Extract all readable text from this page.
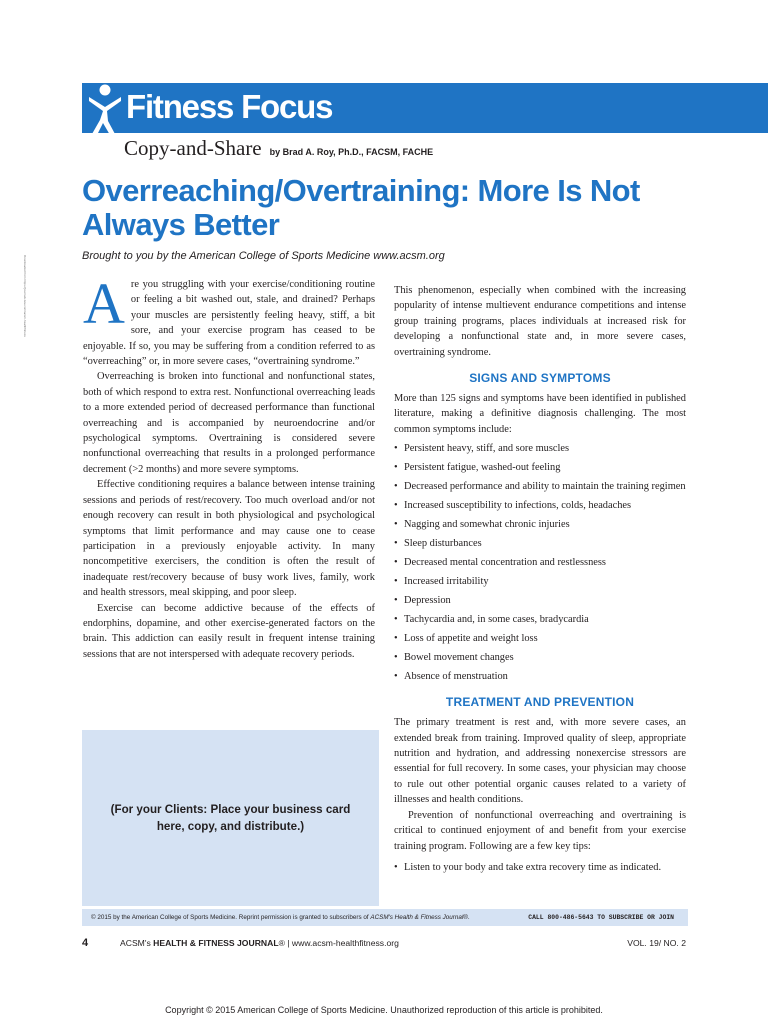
Fitness Focus
Copy-and-Share by Brad A. Roy, Ph.D., FACSM, FACHE
Overreaching/Overtraining: More Is Not Always Better
Brought to you by the American College of Sports Medicine www.acsm.org
Downloaded from https://journals.lww.com/acsm-healthfitness Are you struggling with your exercise/conditioning routine or feeling a bit washed out, stale, and drained? Perhaps your muscles are persistently feeling heavy, stiff, a bit sore, and your exercise program has ceased to be enjoyable. If so, you may be suffering from a condition referred to as “overreaching” or, in more severe cases, “overtraining syndrome.”

Overreaching is broken into functional and nonfunctional states, both of which respond to extra rest. Nonfunctional overreaching leads to a more extended period of decreased performance than functional overreaching and is accompanied by neuroendocrine and/or psychological symptoms. Overtraining is considered severe nonfunctional overreaching that results in a prolonged performance decrement (>2 months) and more severe symptoms.

Effective conditioning requires a balance between intense training sessions and periods of rest/recovery. Too much overload and/or not enough recovery can result in both physiological and psychological symptoms that limit performance and may cause one to cease participation in a previously enjoyable activity. In many noncompetitive exercisers, the condition is often the result of inadequate rest/recovery because of busy work lives, family, work and health stressors, meal skipping, and poor sleep.

Exercise can become addictive because of the effects of endorphins, dopamine, and other exercise-generated factors on the brain. This addiction can easily result in frequent intense training sessions that are not interspersed with adequate recovery periods.

This phenomenon, especially when combined with the increasing popularity of intense multievent endurance competitions and intense group training programs, places individuals at increased risk for developing a nonfunctional state and, in more severe cases, overtraining syndrome.

SIGNS AND SYMPTOMS

More than 125 signs and symptoms have been identified in published literature, making a definitive diagnosis challenging. The most common symptoms include:

• Persistent heavy, stiff, and sore muscles
• Persistent fatigue, washed-out feeling
• Decreased performance and ability to maintain the training regimen
• Increased susceptibility to infections, colds, headaches
• Nagging and somewhat chronic injuries
• Sleep disturbances
• Decreased mental concentration and restlessness
• Increased irritability
• Depression
• Tachycardia and, in some cases, bradycardia
• Loss of appetite and weight loss
• Bowel movement changes
• Absence of menstruation
TREATMENT AND PREVENTION

The primary treatment is rest and, with more severe cases, an extended break from training. Improved quality of sleep, appropriate nutrition and hydration, and addressing nonexercise stressors are essential for full recovery. In some cases, your physician may choose to rule out other potential organic causes related to a variety of illnesses and health conditions.

Prevention of nonfunctional overreaching and overtraining is critical to continued enjoyment of and benefit from your exercise training program. Following are a few key tips:

• Listen to your body and take extra recovery time as indicated.
(For your Clients: Place your business card here, copy, and distribute.)
© 2015 by the American College of Sports Medicine. Reprint permission is granted to subscribers of ACSM's Health & Fitness Journal®.	CALL 800-486-5643 TO SUBSCRIBE OR JOIN
4	ACSM's HEALTH & FITNESS JOURNAL® | www.acsm-healthfitness.org	VOL. 19/ NO. 2
Copyright © 2015 American College of Sports Medicine. Unauthorized reproduction of this article is prohibited.
